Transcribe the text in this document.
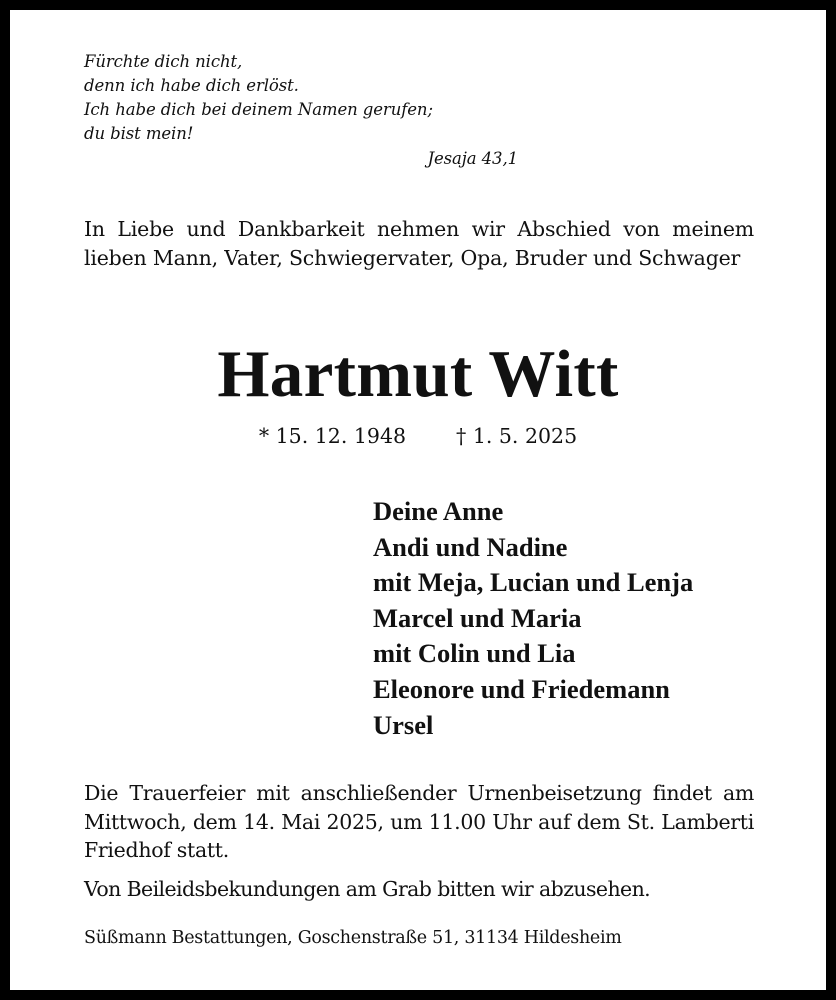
Fürchte dich nicht,
denn ich habe dich erlöst.
Ich habe dich bei deinem Namen gerufen;
du bist mein!
Jesaja 43,1
In Liebe und Dankbarkeit nehmen wir Abschied von meinem lieben Mann, Vater, Schwiegervater, Opa, Bruder und Schwager
Hartmut Witt
* 15. 12. 1948 † 1. 5. 2025
Deine Anne
Andi und Nadine
mit Meja, Lucian und Lenja
Marcel und Maria
mit Colin und Lia
Eleonore und Friedemann
Ursel
Die Trauerfeier mit anschließender Urnenbeisetzung findet am Mittwoch, dem 14. Mai 2025, um 11.00 Uhr auf dem St. Lamberti Friedhof statt.
Von Beileidsbekundungen am Grab bitten wir abzusehen.
Süßmann Bestattungen, Goschenstraße 51, 31134 Hildesheim
